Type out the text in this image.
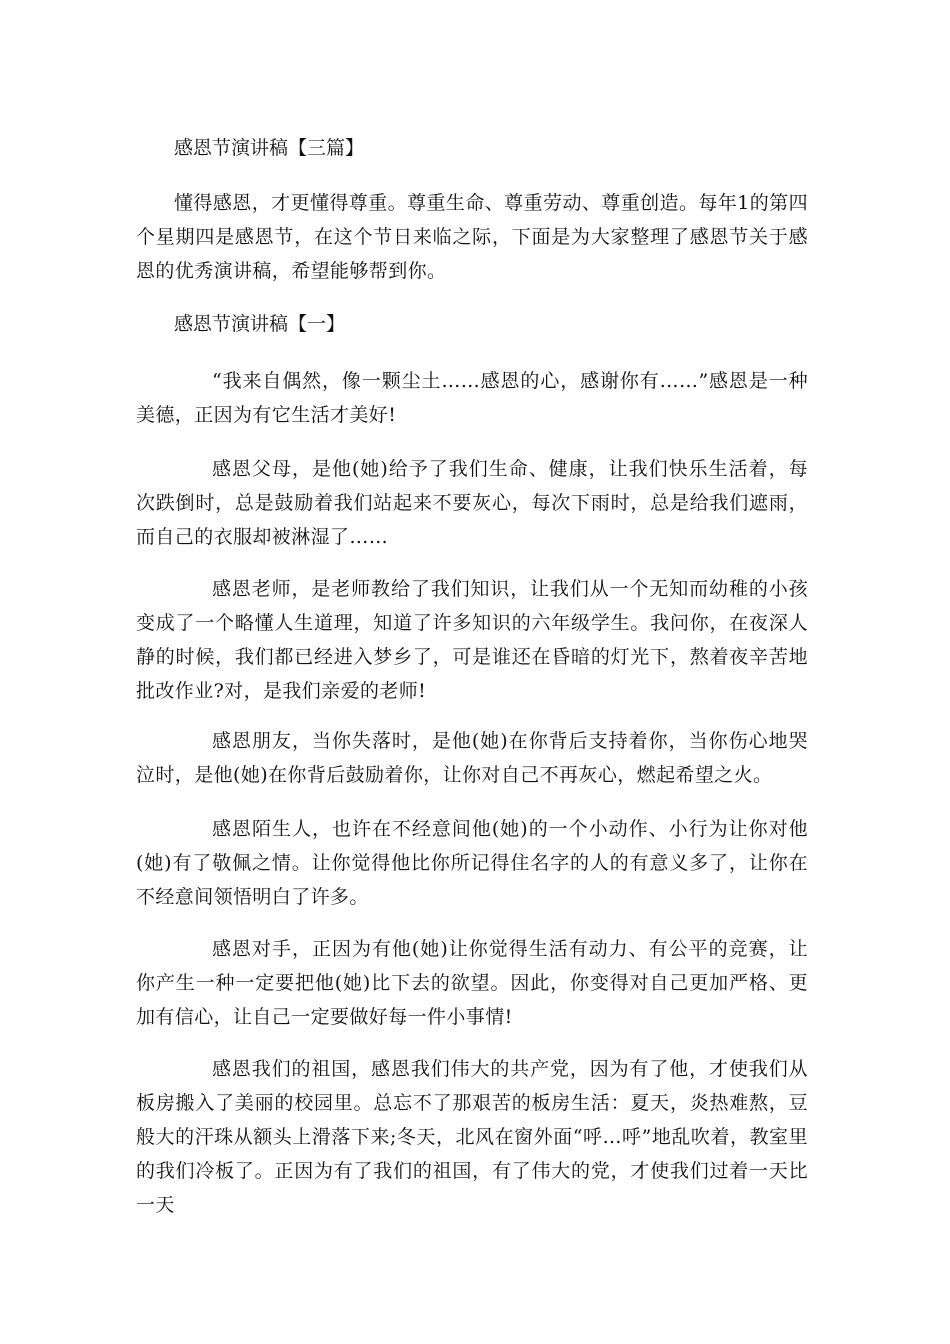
感恩节演讲稿【三篇】

懂得感恩，才更懂得尊重。尊重生命、尊重劳动、尊重创造。每年1的第四个星期四是感恩节，在这个节日来临之际，下面是为大家整理了感恩节关于感恩的优秀演讲稿，希望能够帮到你。

感恩节演讲稿【一】

“我来自偶然，像一颗尘土……感恩的心，感谢你有……”感恩是一种美德，正因为有它生活才美好!

感恩父母，是他(她)给予了我们生命、健康，让我们快乐生活着，每次跌倒时，总是鼓励着我们站起来不要灰心，每次下雨时，总是给我们遮雨，而自己的衣服却被淋湿了……

感恩老师，是老师教给了我们知识，让我们从一个无知而幼稚的小孩变成了一个略懂人生道理，知道了许多知识的六年级学生。我问你，在夜深人静的时候，我们都已经进入梦乡了，可是谁还在昏暗的灯光下，熬着夜辛苦地批改作业?对，是我们亲爱的老师!

感恩朋友，当你失落时，是他(她)在你背后支持着你，当你伤心地哭泣时，是他(她)在你背后鼓励着你，让你对自己不再灰心，燃起希望之火。

感恩陌生人，也许在不经意间他(她)的一个小动作、小行为让你对他(她)有了敬佩之情。让你觉得他比你所记得住名字的人的有意义多了，让你在不经意间领悟明白了许多。

感恩对手，正因为有他(她)让你觉得生活有动力、有公平的竞赛，让你产生一种一定要把他(她)比下去的欲望。因此，你变得对自己更加严格、更加有信心，让自己一定要做好每一件小事情!

感恩我们的祖国，感恩我们伟大的共产党，因为有了他，才使我们从板房搬入了美丽的校园里。总忘不了那艰苦的板房生活：夏天，炎热难熬，豆般大的汗珠从额头上滑落下来;冬天，北风在窗外面“呼…呼”地乱吹着，教室里的我们冷板了。正因为有了我们的祖国，有了伟大的党，才使我们过着一天比一天
